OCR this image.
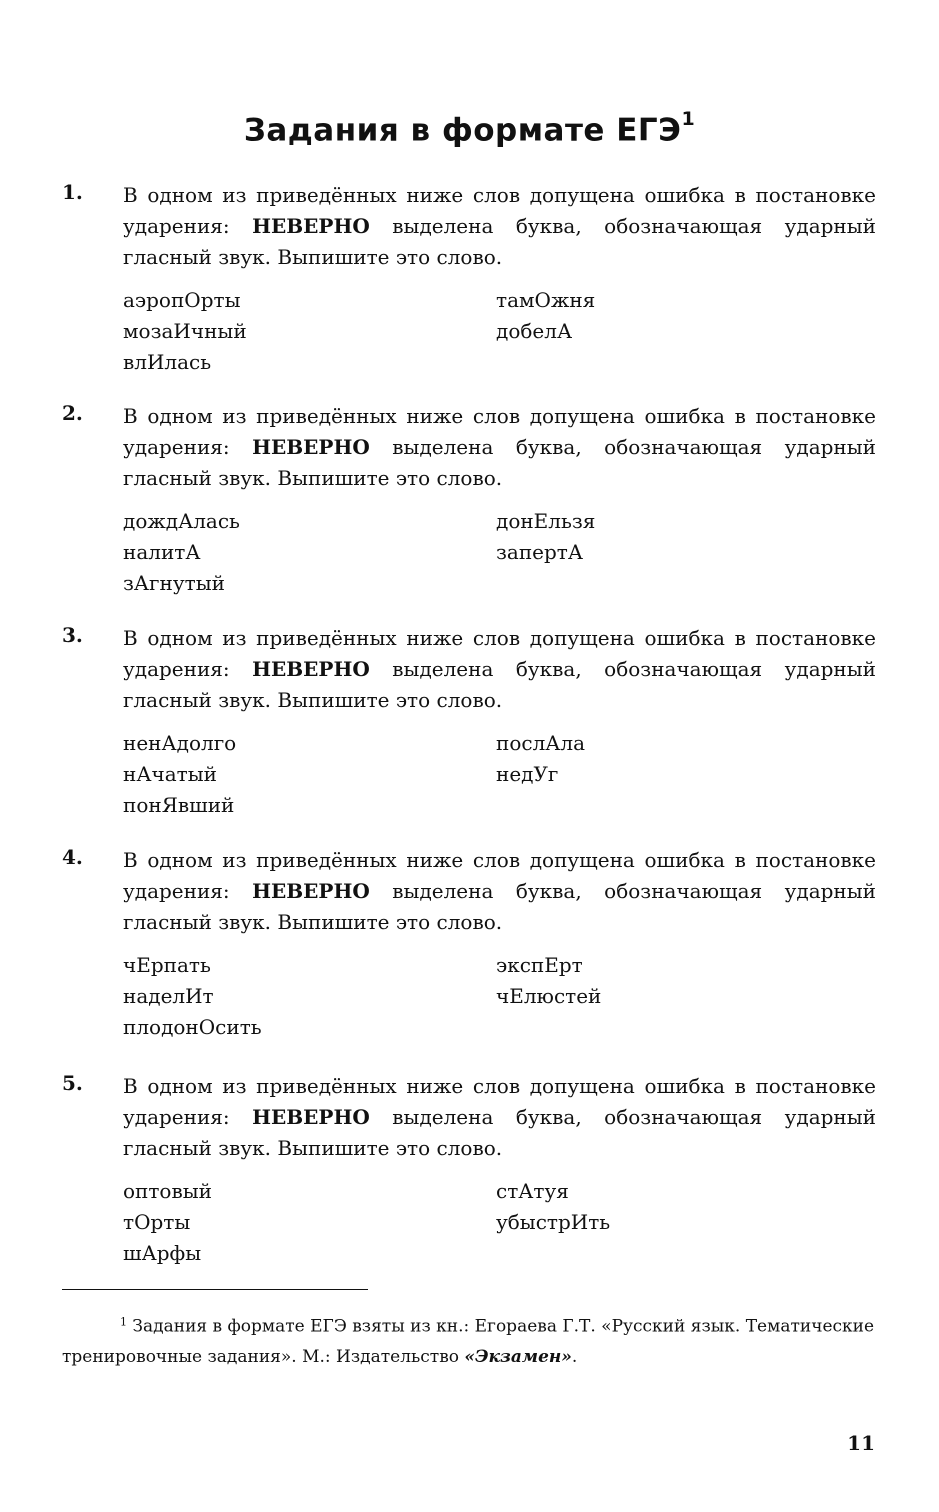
Задания в формате ЕГЭ$^1$
1. В одном из приведённых ниже слов допущена ошибка в постановке ударения: НЕВЕРНО выделена буква, обозначающая ударный гласный звук. Выпишите это слово.
аэропОрты
мозаИчный
влИлась
тамОжня
добелА
2. В одном из приведённых ниже слов допущена ошибка в постановке ударения: НЕВЕРНО выделена буква, обозначающая ударный гласный звук. Выпишите это слово.
дождАлась
налитА
зАгнутый
донЕльзя
запертА
3. В одном из приведённых ниже слов допущена ошибка в постановке ударения: НЕВЕРНО выделена буква, обозначающая ударный гласный звук. Выпишите это слово.
ненАдолго
нАчатый
понЯвший
послАла
недУг
4. В одном из приведённых ниже слов допущена ошибка в постановке ударения: НЕВЕРНО выделена буква, обозначающая ударный гласный звук. Выпишите это слово.
чЕрпать
наделИт
плодонОсить
экспЕрт
чЕлюстей
5. В одном из приведённых ниже слов допущена ошибка в постановке ударения: НЕВЕРНО выделена буква, обозначающая ударный гласный звук. Выпишите это слово.
оптовый
тОрты
шАрфы
стАтуя
убыстрИть
$^1$ Задания в формате ЕГЭ взяты из кн.: Егораева Г.Т. «Русский язык. Тематические тренировочные задания». М.: Издательство «Экзамен».
11
